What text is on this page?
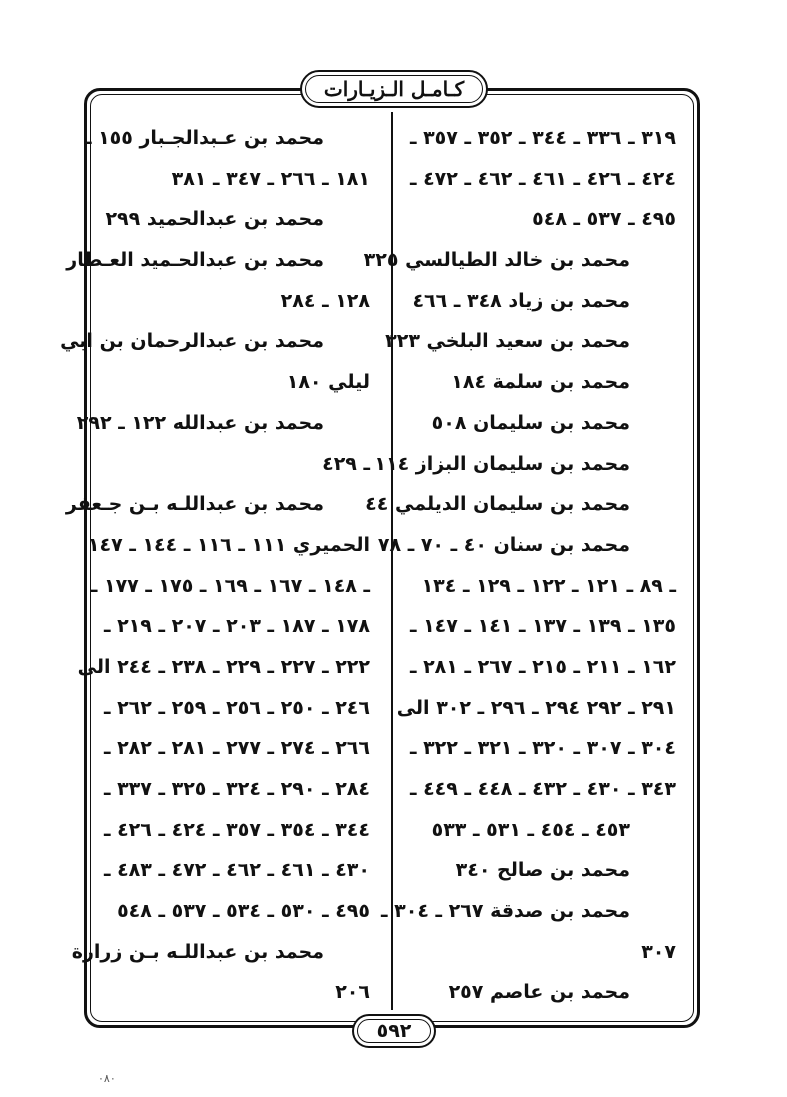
كـامـل الـزيـارات
٣١٩ ـ ٣٣٦ ـ ٣٤٤ ـ ٣٥٢ ـ ٣٥٧ ـ
٤٢٤ ـ ٤٢٦ ـ ٤٦١ ـ ٤٦٢ ـ ٤٧٢ ـ
٤٩٥ ـ ٥٣٧ ـ ٥٤٨
محمد بن خالد الطيالسي ٣٢٥
محمد بن زياد ٣٤٨ ـ ٤٦٦
محمد بن سعيد البلخي ٣٢٣
محمد بن سلمة ١٨٤
محمد بن سليمان ٥٠٨
محمد بن سليمان البزاز ١١٤
محمد بن سليمان الديلمي ٤٤
محمد بن سنان ٤٠ ـ ٧٠ ـ ٧٨
ـ ٨٩ ـ ١٢١ ـ ١٢٢ ـ ١٢٩ ـ ١٣٤
١٣٥ ـ ١٣٩ ـ ١٣٧ ـ ١٤١ ـ ١٤٧ ـ
١٦٢ ـ ٢١١ ـ ٢١٥ ـ ٢٦٧ ـ ٢٨١ ـ
٢٩١ ـ ٢٩٢ ٢٩٤ ـ ٢٩٦ ـ ٣٠٢ الى
٣٠٤ ـ ٣٠٧ ـ ٣٢٠ ـ ٣٢١ ـ ٣٢٢ ـ
٣٤٣ ـ ٤٣٠ ـ ٤٣٢ ـ ٤٤٨ ـ ٤٤٩ ـ
٤٥٣ ـ ٤٥٤ ـ ٥٣١ ـ ٥٣٣
محمد بن صالح ٣٤٠
محمد بن صدقة ٢٦٧ ـ ٣٠٤ ـ
٣٠٧
محمد بن عاصم ٢٥٧
محمد بن عـبدالجـبار ١٥٥ ـ
١٨١ ـ ٢٦٦ ـ ٣٤٧ ـ ٣٨١
محمد بن عبدالحميد ٢٩٩
محمد بن عبدالحـميد العـطار
١٢٨ ـ ٢٨٤
محمد بن عبدالرحمان بن ابي
ليلي ١٨٠
محمد بن عبدالله ١٢٢ ـ ٢٩٢
ـ ٤٢٩
محمد بن عبداللـه بـن جـعفر
الحميري ١١١ ـ ١١٦ ـ ١٤٤ ـ ١٤٧
ـ ١٤٨ ـ ١٦٧ ـ ١٦٩ ـ ١٧٥ ـ ١٧٧ ـ
١٧٨ ـ ١٨٧ ـ ٢٠٣ ـ ٢٠٧ ـ ٢١٩ ـ
٢٢٢ ـ ٢٢٧ ـ ٢٢٩ ـ ٢٣٨ ـ ٢٤٤ الى
٢٤٦ ـ ٢٥٠ ـ ٢٥٦ ـ ٢٥٩ ـ ٢٦٢ ـ
٢٦٦ ـ ٢٧٤ ـ ٢٧٧ ـ ٢٨١ ـ ٢٨٢ ـ
٢٨٤ ـ ٢٩٠ ـ ٣٢٤ ـ ٣٢٥ ـ ٣٣٧ ـ
٣٤٤ ـ ٣٥٤ ـ ٣٥٧ ـ ٤٢٤ ـ ٤٢٦ ـ
٤٣٠ ـ ٤٦١ ـ ٤٦٢ ـ ٤٧٢ ـ ٤٨٣ ـ
٤٩٥ ـ ٥٣٠ ـ ٥٣٤ ـ ٥٣٧ ـ ٥٤٨
محمد بن عبداللـه بـن زرارة
٢٠٦
٥٩٢
٠٨٠
